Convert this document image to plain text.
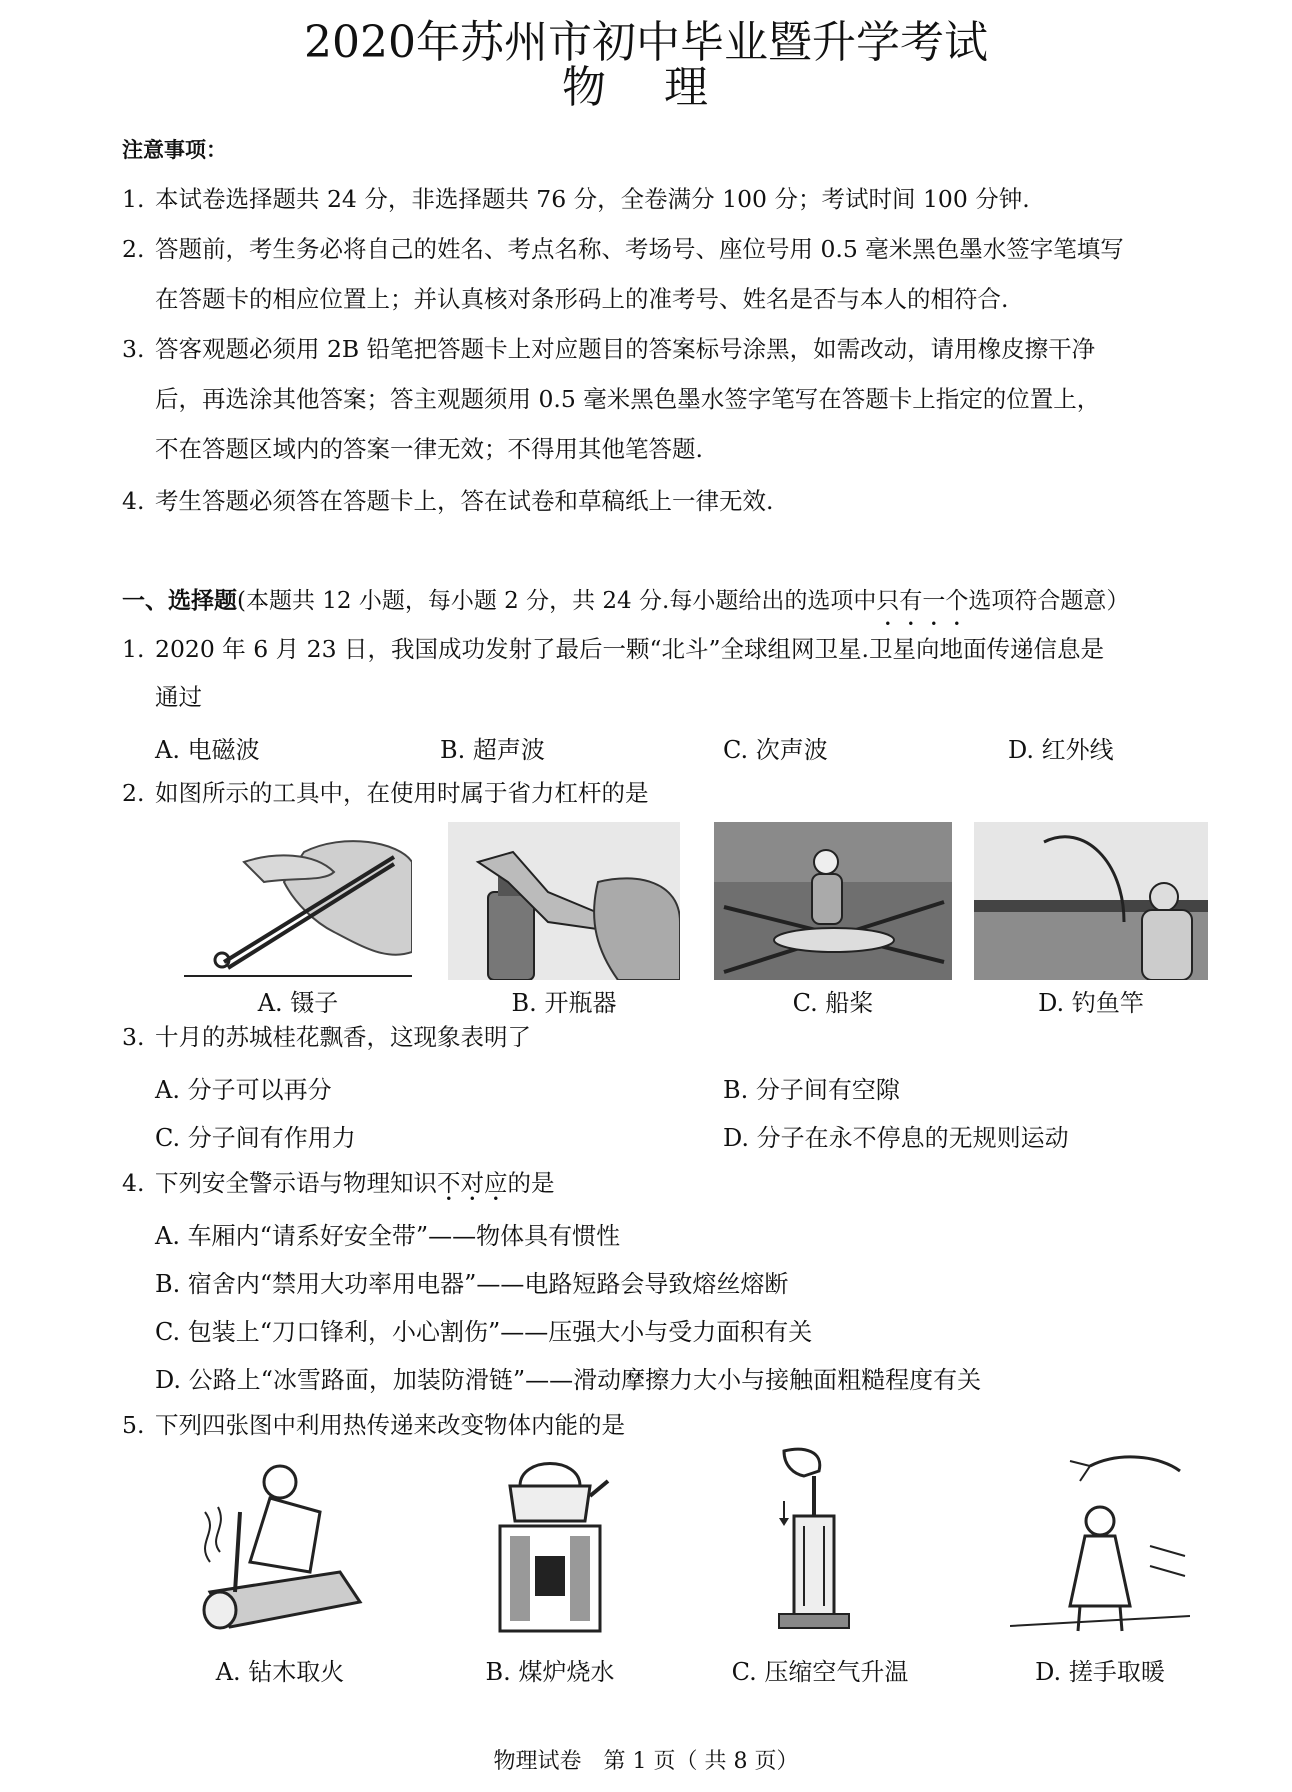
2020年苏州市初中毕业暨升学考试
物 理
注意事项：
1. 本试卷选择题共 24 分，非选择题共 76 分，全卷满分 100 分；考试时间 100 分钟.
2. 答题前，考生务必将自己的姓名、考点名称、考场号、座位号用 0.5 毫米黑色墨水签字笔填写
在答题卡的相应位置上；并认真核对条形码上的准考号、姓名是否与本人的相符合.
3. 答客观题必须用 2B 铅笔把答题卡上对应题目的答案标号涂黑，如需改动，请用橡皮擦干净
后，再选涂其他答案；答主观题须用 0.5 毫米黑色墨水签字笔写在答题卡上指定的位置上，
不在答题区域内的答案一律无效；不得用其他笔答题.
4. 考生答题必须答在答题卡上，答在试卷和草稿纸上一律无效.
一、选择题(本题共 12 小题，每小题 2 分，共 24 分.每小题给出的选项中只有一个选项符合题意）
1. 2020 年 6 月 23 日，我国成功发射了最后一颗“北斗”全球组网卫星.卫星向地面传递信息是
通过
A. 电磁波	B. 超声波	C. 次声波	D. 红外线
2. 如图所示的工具中，在使用时属于省力杠杆的是
A. 镊子	B. 开瓶器	C. 船桨	D. 钓鱼竿
3. 十月的苏城桂花飘香，这现象表明了
A. 分子可以再分	B. 分子间有空隙
C. 分子间有作用力	D. 分子在永不停息的无规则运动
4. 下列安全警示语与物理知识不对应的是
A. 车厢内“请系好安全带”——物体具有惯性
B. 宿舍内“禁用大功率用电器”——电路短路会导致熔丝熔断
C. 包装上“刀口锋利，小心割伤”——压强大小与受力面积有关
D. 公路上“冰雪路面，加装防滑链”——滑动摩擦力大小与接触面粗糙程度有关
5. 下列四张图中利用热传递来改变物体内能的是
A. 钻木取火	B. 煤炉烧水	C. 压缩空气升温	D. 搓手取暖
物理试卷　第 1 页（ 共 8 页）
